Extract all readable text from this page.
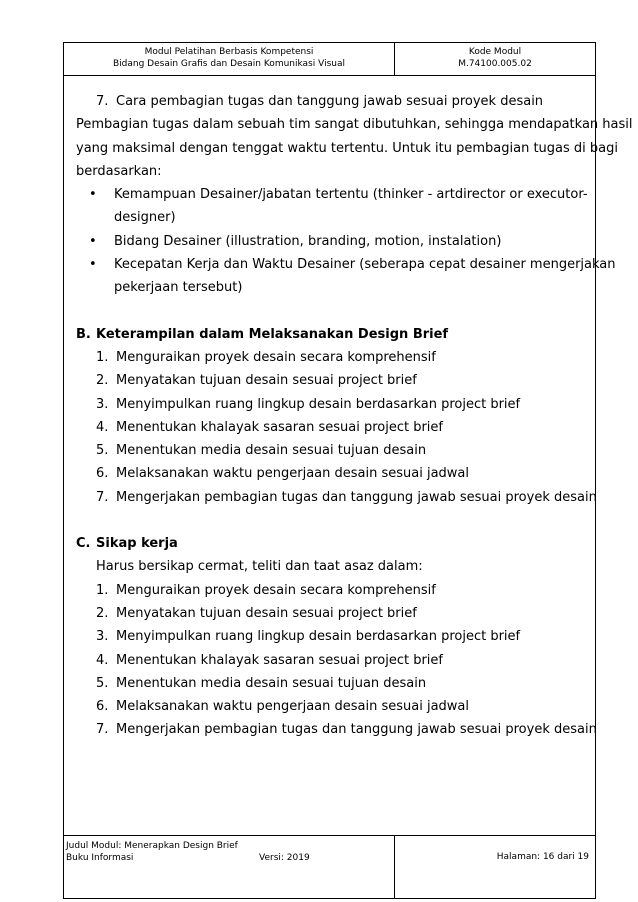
Modul Pelatihan Berbasis Kompetensi
Bidang Desain Grafis dan Desain Komunikasi Visual
Kode Modul
M.74100.005.02
Judul Modul: Menerapkan Design Brief
Buku Informasi	Versi: 2019	Halaman: 16 dari 19
7. Cara pembagian tugas dan tanggung jawab sesuai proyek desain
Pembagian tugas dalam sebuah tim sangat dibutuhkan, sehingga mendapatkan hasil
yang maksimal dengan tenggat waktu tertentu. Untuk itu pembagian tugas di bagi
berdasarkan:
• Kemampuan Desainer/jabatan tertentu (thinker - artdirector or executor-
designer)
• Bidang Desainer (illustration, branding, motion, instalation)
• Kecepatan Kerja dan Waktu Desainer (seberapa cepat desainer mengerjakan
pekerjaan tersebut)
B. Keterampilan dalam Melaksanakan Design Brief
1. Menguraikan proyek desain secara komprehensif
2. Menyatakan tujuan desain sesuai project brief
3. Menyimpulkan ruang lingkup desain berdasarkan project brief
4. Menentukan khalayak sasaran sesuai project brief
5. Menentukan media desain sesuai tujuan desain
6. Melaksanakan waktu pengerjaan desain sesuai jadwal
7. Mengerjakan pembagian tugas dan tanggung jawab sesuai proyek desain
C. Sikap kerja
Harus bersikap cermat, teliti dan taat asaz dalam:
1. Menguraikan proyek desain secara komprehensif
2. Menyatakan tujuan desain sesuai project brief
3. Menyimpulkan ruang lingkup desain berdasarkan project brief
4. Menentukan khalayak sasaran sesuai project brief
5. Menentukan media desain sesuai tujuan desain
6. Melaksanakan waktu pengerjaan desain sesuai jadwal
7. Mengerjakan pembagian tugas dan tanggung jawab sesuai proyek desain
